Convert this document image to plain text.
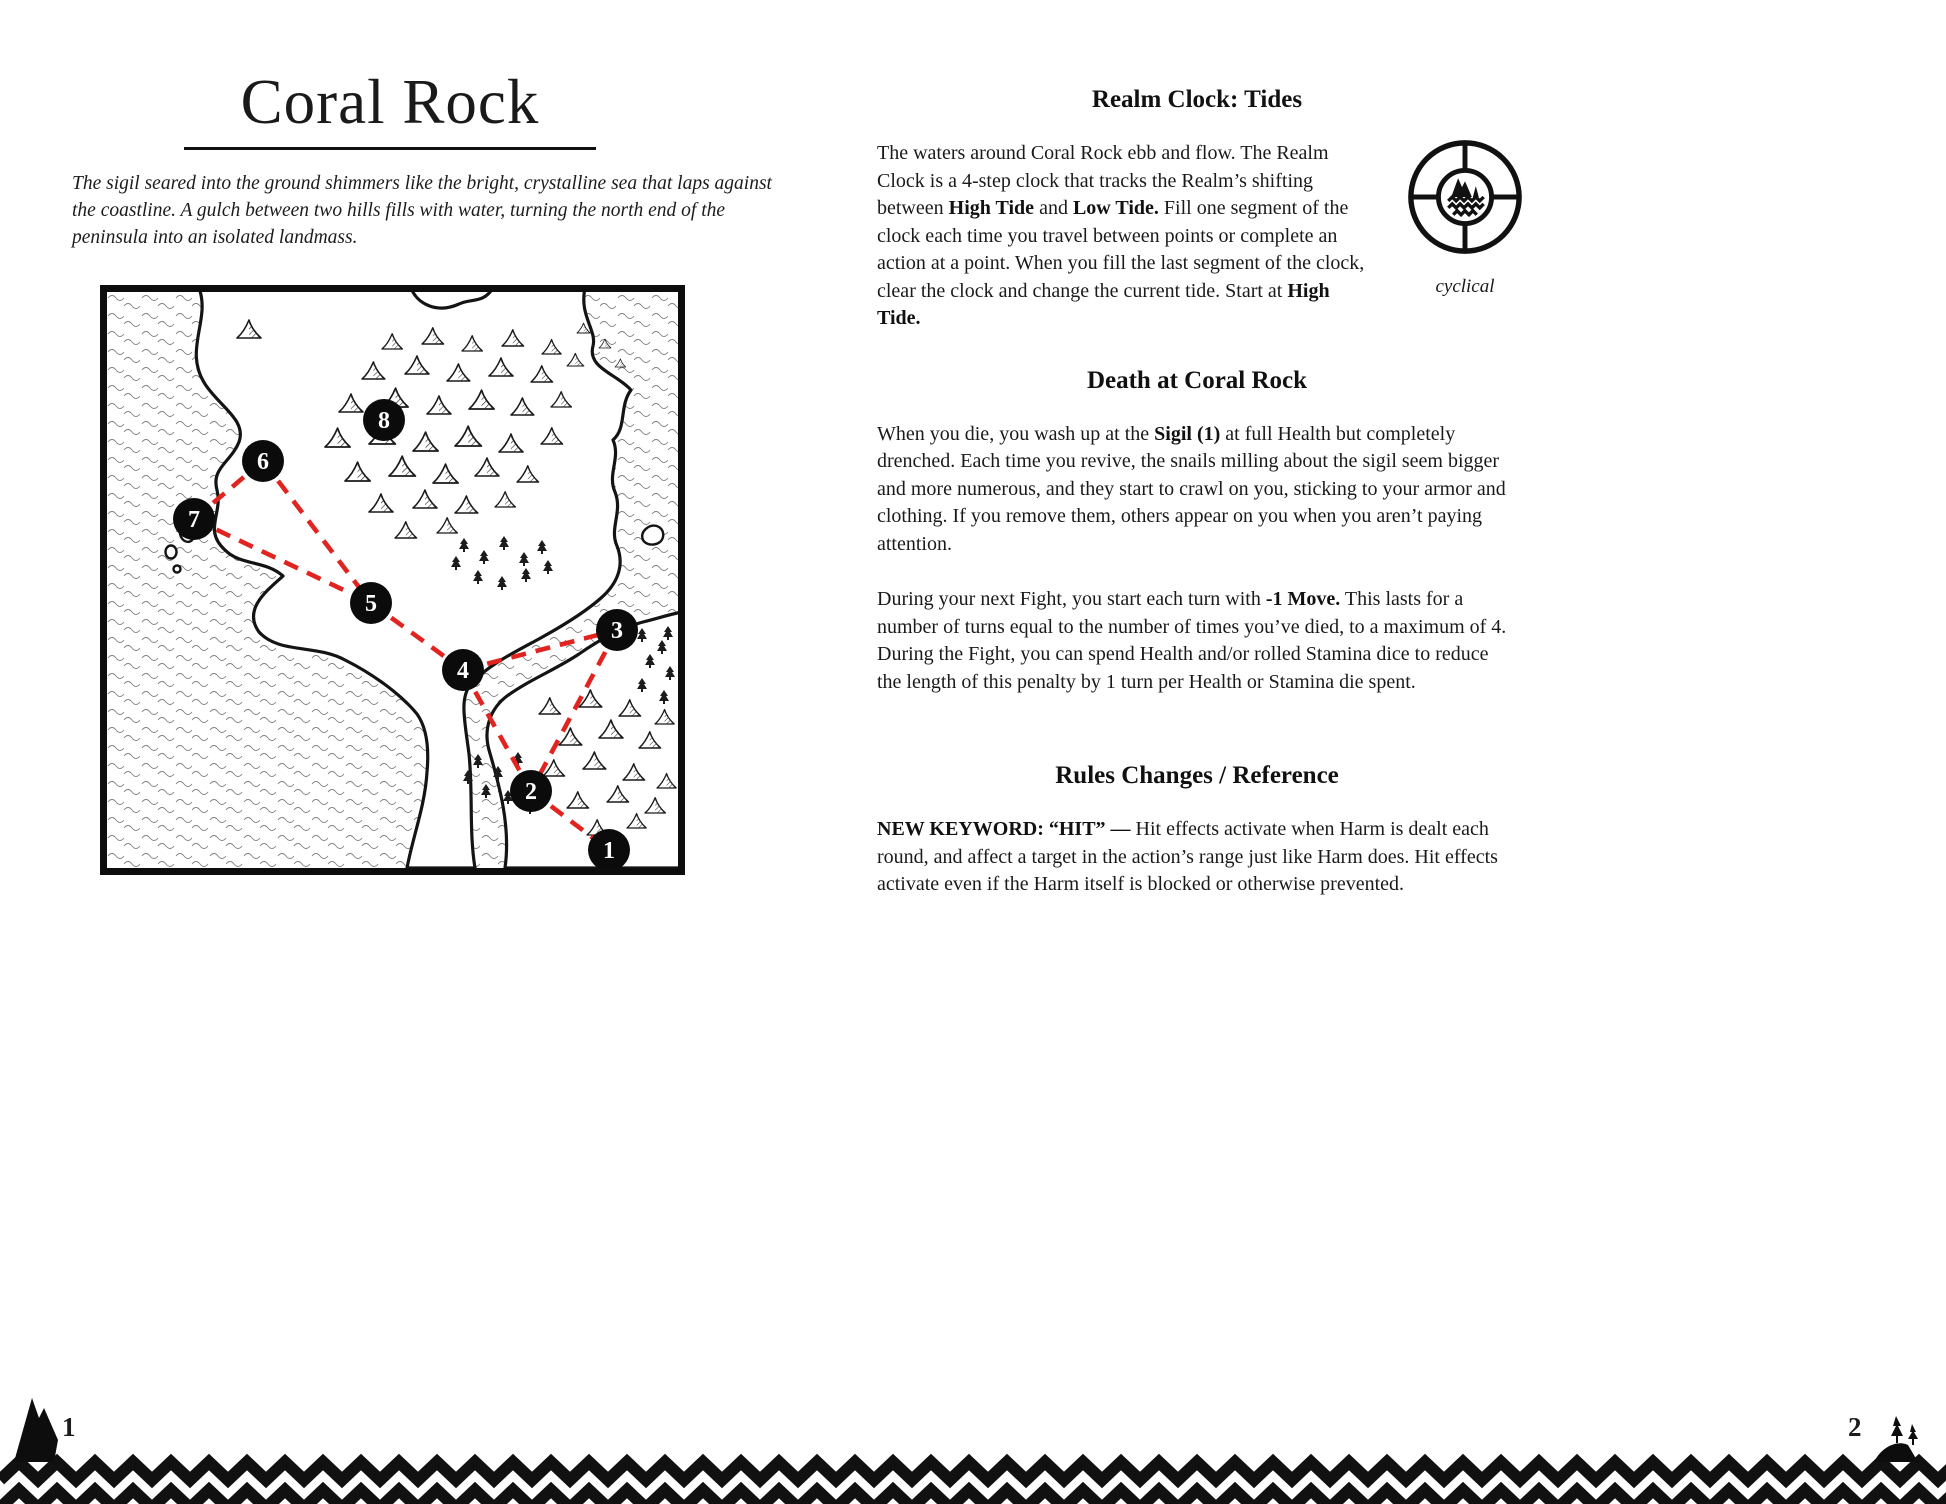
Coral Rock
The sigil seared into the ground shimmers like the bright, crystalline sea that laps against the coastline. A gulch between two hills fills with water, turning the north end of the peninsula into an isolated landmass.
1
2
3
4
5
6
7
8
Realm Clock: Tides

cyclical
The waters around Coral Rock ebb and flow. The Realm Clock is a 4-step clock that tracks the Realm’s shifting between High Tide and Low Tide. Fill one segment of the clock each time you travel between points or complete an action at a point. When you fill the last segment of the clock, clear the clock and change the current tide. Start at High Tide.

Death at Coral Rock

When you die, you wash up at the Sigil (1) at full Health but completely drenched. Each time you revive, the snails milling about the sigil seem bigger and more numerous, and they start to crawl on you, sticking to your armor and clothing. If you remove them, others appear on you when you aren’t paying attention.

During your next Fight, you start each turn with -1 Move. This lasts for a number of turns equal to the number of times you’ve died, to a maximum of 4. During the Fight, you can spend Health and/or rolled Stamina dice to reduce the length of this penalty by 1 turn per Health or Stamina die spent.

Rules Changes / Reference

NEW KEYWORD: “HIT” — Hit effects activate when Harm is dealt each round, and affect a target in the action’s range just like Harm does. Hit effects activate even if the Harm itself is blocked or otherwise prevented.

1	2
